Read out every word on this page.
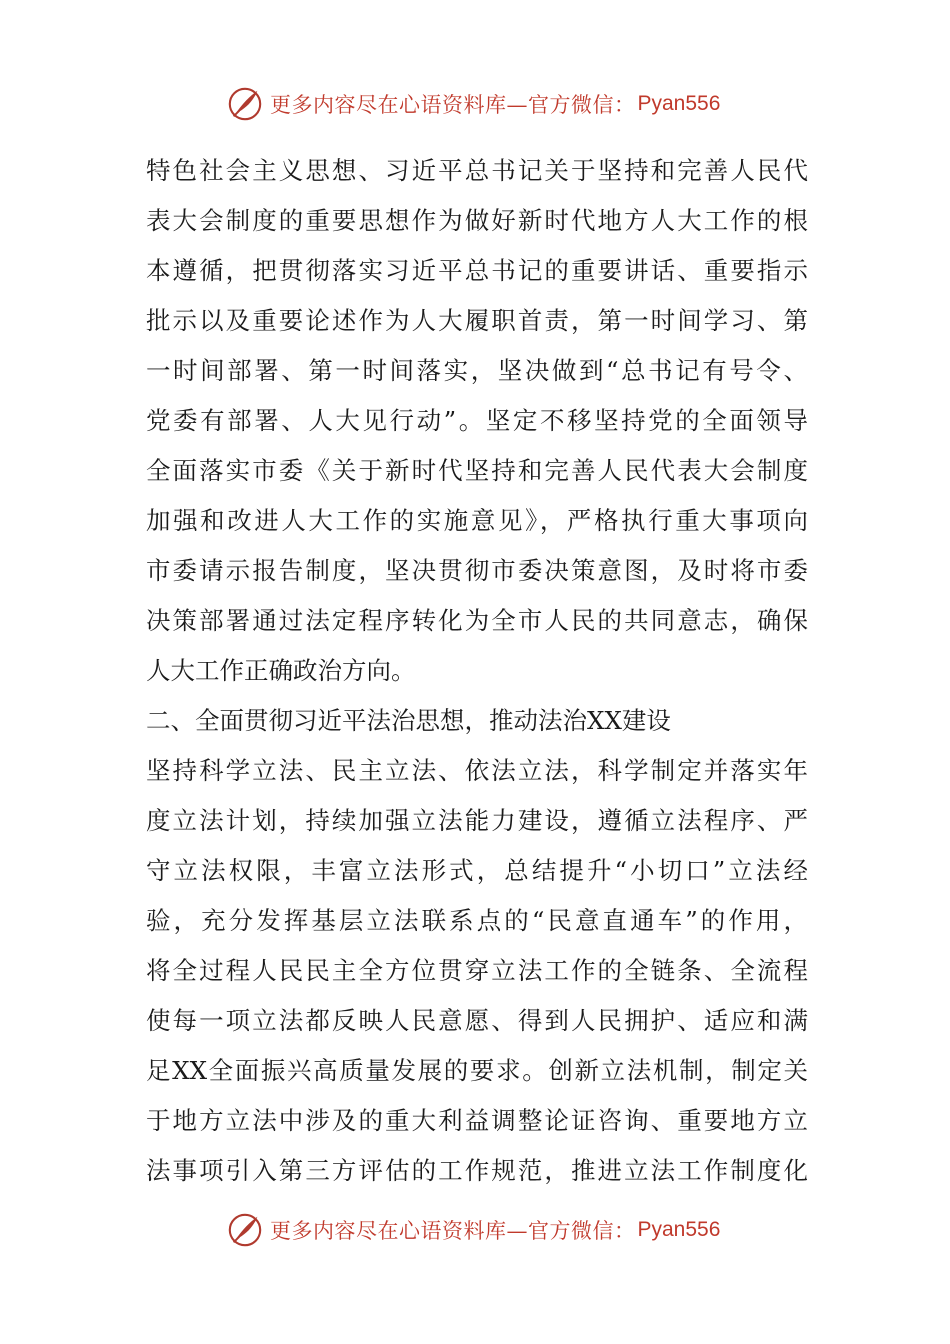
更多内容尽在心语资料库—官方微信： Pyan556
特色社会主义思想、习近平总书记关于坚持和完善人民代
表大会制度的重要思想作为做好新时代地方人大工作的根
本遵循，把贯彻落实习近平总书记的重要讲话、重要指示
批示以及重要论述作为人大履职首责，第一时间学习、第
一时间部署、第一时间落实，坚决做到“总书记有号令、
党委有部署、人大见行动”。坚定不移坚持党的全面领导
全面落实市委《关于新时代坚持和完善人民代表大会制度
加强和改进人大工作的实施意见》，严格执行重大事项向
市委请示报告制度，坚决贯彻市委决策意图，及时将市委
决策部署通过法定程序转化为全市人民的共同意志，确保
人大工作正确政治方向。
二、全面贯彻习近平法治思想，推动法治XX建设
坚持科学立法、民主立法、依法立法，科学制定并落实年
度立法计划，持续加强立法能力建设，遵循立法程序、严
守立法权限，丰富立法形式，总结提升“小切口”立法经
验，充分发挥基层立法联系点的“民意直通车”的作用，
将全过程人民民主全方位贯穿立法工作的全链条、全流程
使每一项立法都反映人民意愿、得到人民拥护、适应和满
足XX全面振兴高质量发展的要求。创新立法机制，制定关
于地方立法中涉及的重大利益调整论证咨询、重要地方立
法事项引入第三方评估的工作规范，推进立法工作制度化
更多内容尽在心语资料库—官方微信： Pyan556
